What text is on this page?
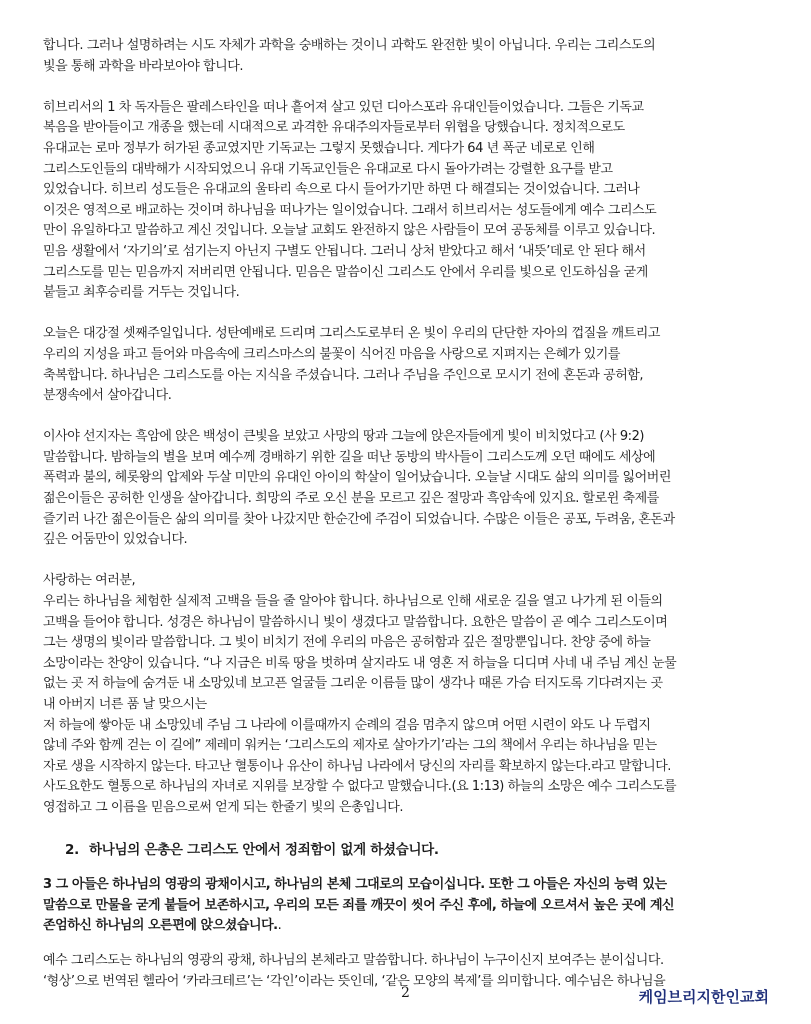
합니다. 그러나 설명하려는 시도 자체가 과학을 숭배하는 것이니 과학도 완전한 빛이 아닙니다. 우리는 그리스도의
빛을 통해 과학을 바라보아야 합니다.
히브리서의 1 차 독자들은 팔레스타인을 떠나 흩어져 살고 있던 디아스포라 유대인들이었습니다. 그들은 기독교
복음을 받아들이고 개종을 했는데 시대적으로 과격한 유대주의자들로부터 위협을 당했습니다. 정치적으로도
유대교는 로마 정부가 허가된 종교였지만 기독교는 그렇지 못했습니다. 게다가 64 년 폭군 네로로 인해
그리스도인들의 대박해가 시작되었으니 유대 기독교인들은 유대교로 다시 돌아가려는 강렬한 요구를 받고
있었습니다. 히브리 성도들은 유대교의 울타리 속으로 다시 들어가기만 하면 다 해결되는 것이었습니다. 그러나
이것은 영적으로 배교하는 것이며 하나님을 떠나가는 일이었습니다. 그래서 히브리서는 성도들에게 예수 그리스도
만이 유일하다고 말씀하고 계신 것입니다. 오늘날 교회도 완전하지 않은 사람들이 모여 공동체를 이루고 있습니다.
믿음 생활에서 ‘자기의’로 섬기는지 아닌지 구별도 안됩니다. 그러니 상처 받았다고 해서 ‘내뜻’데로 안 된다 해서
그리스도를 믿는 믿음까지 저버리면 안됩니다. 믿음은 말씀이신 그리스도 안에서 우리를 빛으로 인도하심을 굳게
붙들고 최후승리를 거두는 것입니다.
오늘은 대강절 셋째주일입니다. 성탄예배로 드리며 그리스도로부터 온 빛이 우리의 단단한 자아의 껍질을 깨트리고
우리의 지성을 파고 들어와 마음속에 크리스마스의 불꽃이 식어진 마음을 사랑으로 지펴지는 은혜가 있기를
축복합니다. 하나님은 그리스도를 아는 지식을 주셨습니다. 그러나 주님을 주인으로 모시기 전에 혼돈과 공허함,
분쟁속에서 살아갑니다.
이사야 선지자는 흑암에 앉은 백성이 큰빛을 보았고 사망의 땅과 그늘에 앉은자들에게 빛이 비치었다고 (사 9:2)
말씀합니다. 밤하늘의 별을 보며 예수께 경배하기 위한 길을 떠난 동방의 박사들이 그리스도께 오던 때에도 세상에
폭력과 불의, 헤롯왕의 압제와 두살 미만의 유대인 아이의 학살이 일어났습니다. 오늘날 시대도 삶의 의미를 잃어버린
젊은이들은 공허한 인생을 살아갑니다. 희망의 주로 오신 분을 모르고 깊은 절망과 흑암속에 있지요. 할로윈 축제를
즐기러 나간 젊은이들은 삶의 의미를 찾아 나갔지만 한순간에 주검이 되었습니다. 수많은 이들은 공포, 두려움, 혼돈과
깊은 어둠만이 있었습니다.
사랑하는 여러분,
우리는 하나님을 체험한 실제적 고백을 들을 줄 알아야 합니다. 하나님으로 인해 새로운 길을 열고 나가게 된 이들의
고백을 들어야 합니다. 성경은 하나님이 말씀하시니 빛이 생겼다고 말씀합니다. 요한은 말씀이 곧 예수 그리스도이며
그는 생명의 빛이라 말씀합니다. 그 빛이 비치기 전에 우리의 마음은 공허함과 깊은 절망뿐입니다. 찬양 중에 하늘
소망이라는 찬양이 있습니다. “나 지금은 비록 땅을 벗하며 살지라도 내 영혼 저 하늘을 디디며 사네 내 주님 계신 눈물
없는 곳 저 하늘에 숨겨둔 내 소망있네 보고픈 얼굴들 그리운 이름들 많이 생각나 때론 가슴 터지도록 기다려지는 곳
내 아버지 너른 품 날 맞으시는
저 하늘에 쌓아둔 내 소망있네 주님 그 나라에 이를때까지 순례의 걸음 멈추지 않으며 어떤 시련이 와도 나 두렵지
않네 주와 함께 걷는 이 길에” 제레미 워커는 ‘그리스도의 제자로 살아가기’라는 그의 책에서 우리는 하나님을 믿는
자로 생을 시작하지 않는다. 타고난 혈통이나 유산이 하나님 나라에서 당신의 자리를 확보하지 않는다.라고 말합니다.
사도요한도 혈통으로 하나님의 자녀로 지위를 보장할 수 없다고 말했습니다.(요 1:13) 하늘의 소망은 예수 그리스도를
영접하고 그 이름을 믿음으로써 얻게 되는 한줄기 빛의 은총입니다.
2. 하나님의 은총은 그리스도 안에서 정죄함이 없게 하셨습니다.
3 그 아들은 하나님의 영광의 광채이시고, 하나님의 본체 그대로의 모습이십니다. 또한 그 아들은 자신의 능력 있는
말씀으로 만물을 굳게 붙들어 보존하시고, 우리의 모든 죄를 깨끗이 씻어 주신 후에, 하늘에 오르셔서 높은 곳에 계신
존엄하신 하나님의 오른편에 앉으셨습니다..
예수 그리스도는 하나님의 영광의 광채, 하나님의 본체라고 말씀합니다. 하나님이 누구이신지 보여주는 분이십니다.
‘형상’으로 번역된 헬라어 ‘카라크테르’는 ‘각인’이라는 뜻인데, ‘같은 모양의 복제’를 의미합니다. 예수님은 하나님을
2	케임브리지한인교회
